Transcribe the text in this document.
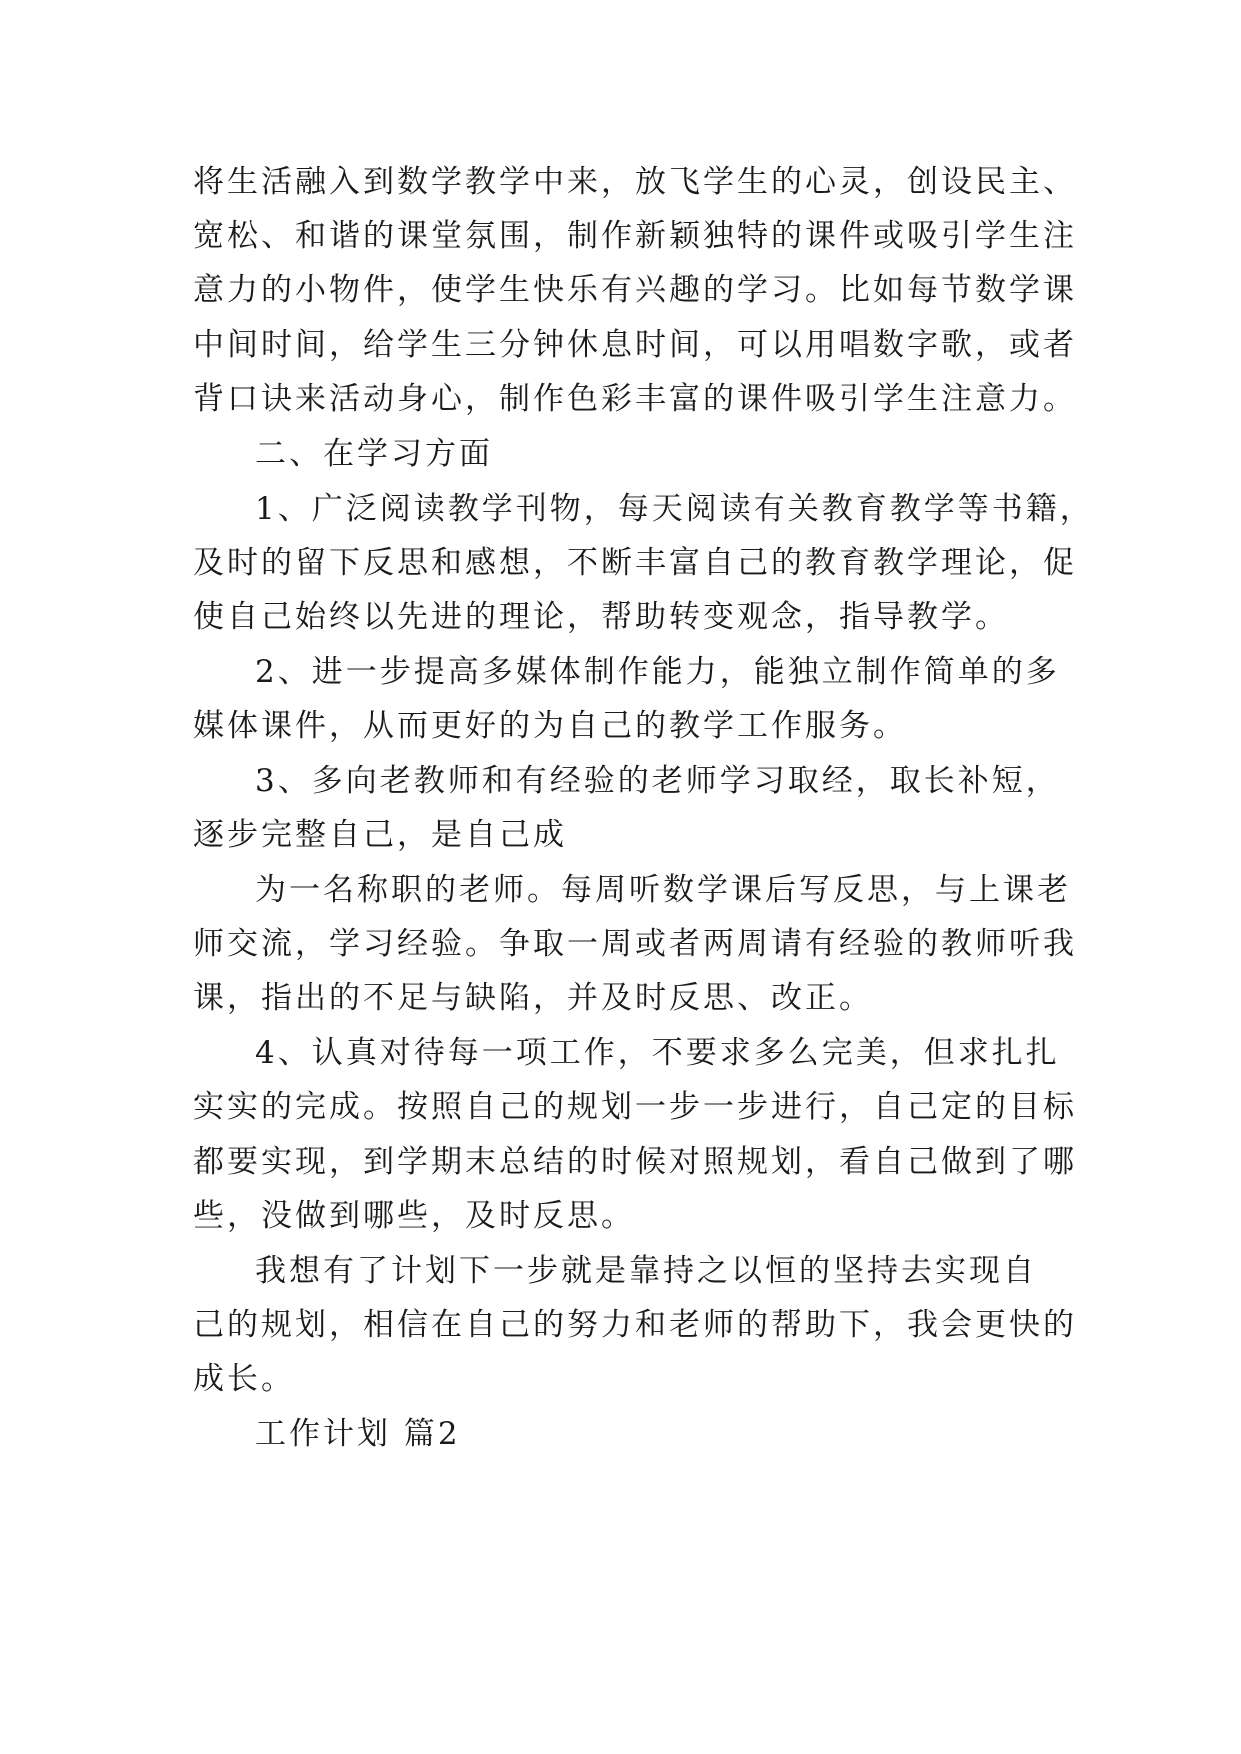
将生活融入到数学教学中来，放飞学生的心灵，创设民主、
宽松、和谐的课堂氛围，制作新颖独特的课件或吸引学生注
意力的小物件，使学生快乐有兴趣的学习。比如每节数学课
中间时间，给学生三分钟休息时间，可以用唱数字歌，或者
背口诀来活动身心，制作色彩丰富的课件吸引学生注意力。
二、在学习方面
1、广泛阅读教学刊物，每天阅读有关教育教学等书籍，
及时的留下反思和感想，不断丰富自己的教育教学理论，促
使自己始终以先进的理论，帮助转变观念，指导教学。
2、进一步提高多媒体制作能力，能独立制作简单的多
媒体课件，从而更好的为自己的教学工作服务。
3、多向老教师和有经验的老师学习取经，取长补短，
逐步完整自己，是自己成
为一名称职的老师。每周听数学课后写反思，与上课老
师交流，学习经验。争取一周或者两周请有经验的教师听我
课，指出的不足与缺陷，并及时反思、改正。
4、认真对待每一项工作，不要求多么完美，但求扎扎
实实的完成。按照自己的规划一步一步进行，自己定的目标
都要实现，到学期末总结的时候对照规划，看自己做到了哪
些，没做到哪些，及时反思。
我想有了计划下一步就是靠持之以恒的坚持去实现自
己的规划，相信在自己的努力和老师的帮助下，我会更快的
成长。
工作计划 篇2
